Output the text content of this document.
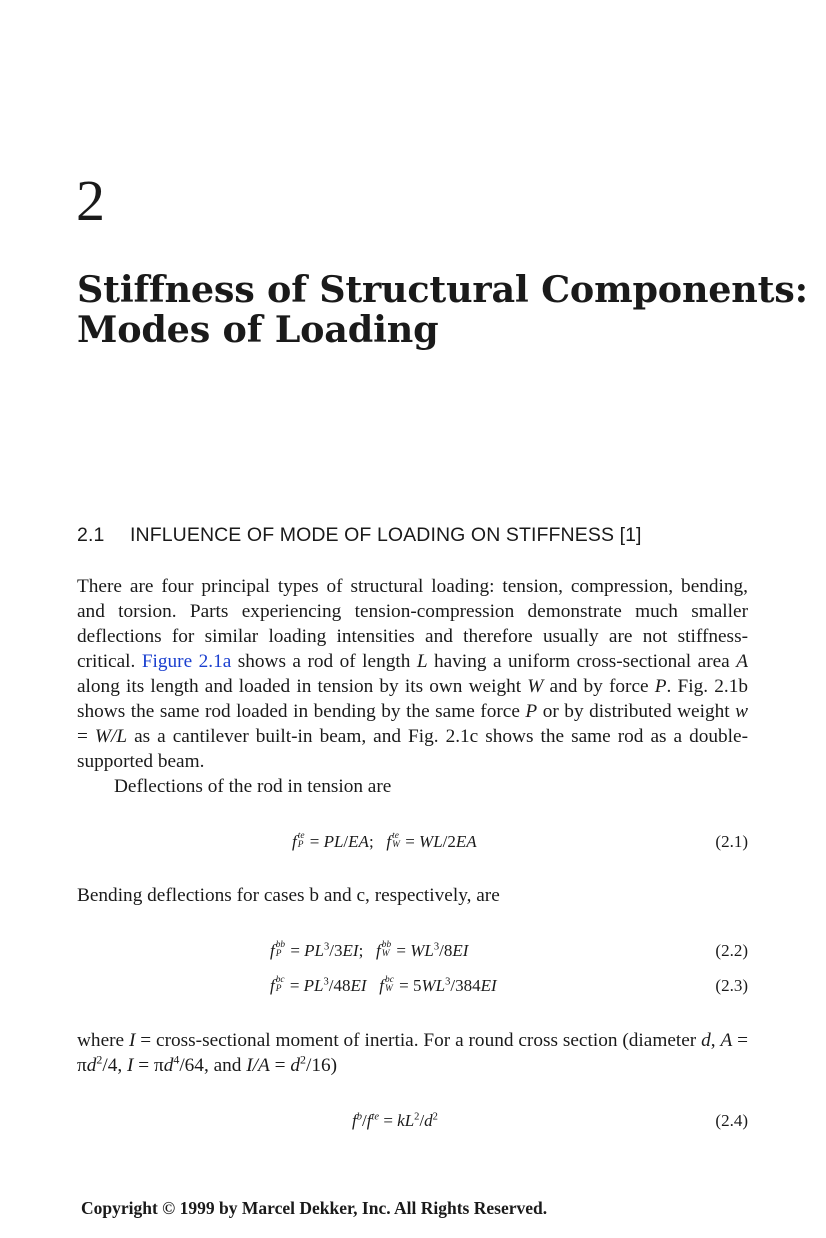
2
Stiffness of Structural Components:
Modes of Loading
2.1 INFLUENCE OF MODE OF LOADING ON STIFFNESS [1]

There are four principal types of structural loading: tension, compression, bending, and torsion. Parts experiencing tension-compression demonstrate much smaller deflections for similar loading intensities and therefore usually are not stiffness-critical. Figure 2.1a shows a rod of length L having a uniform cross-sectional area A along its length and loaded in tension by its own weight W and by force P. Fig. 2.1b shows the same rod loaded in bending by the same force P or by distributed weight w = W/L as a cantilever built-in beam, and Fig. 2.1c shows the same rod as a double-supported beam.

Deflections of the rod in tension are

f te
P = PL/EA;   f te
W = WL/2EA	(2.1)
Bending deflections for cases b and c, respectively, are
f bb
$P = PL^3/3EI$;   f bb
$W = WL^3/8EI$	(2.2)
f bc
$P = PL^3/48EI$ f bc
$W = 5WL^3/384EI$	(2.3)

where I = cross-sectional moment of inertia. For a round cross section (diameter d, $A = \pi d^2/4$, $I = \pi d^4/64$, and $I/A = d^2/16$)

$f^b/f^{te} = kL^2/d^2$	(2.4)
Copyright © 1999 by Marcel Dekker, Inc. All Rights Reserved.
